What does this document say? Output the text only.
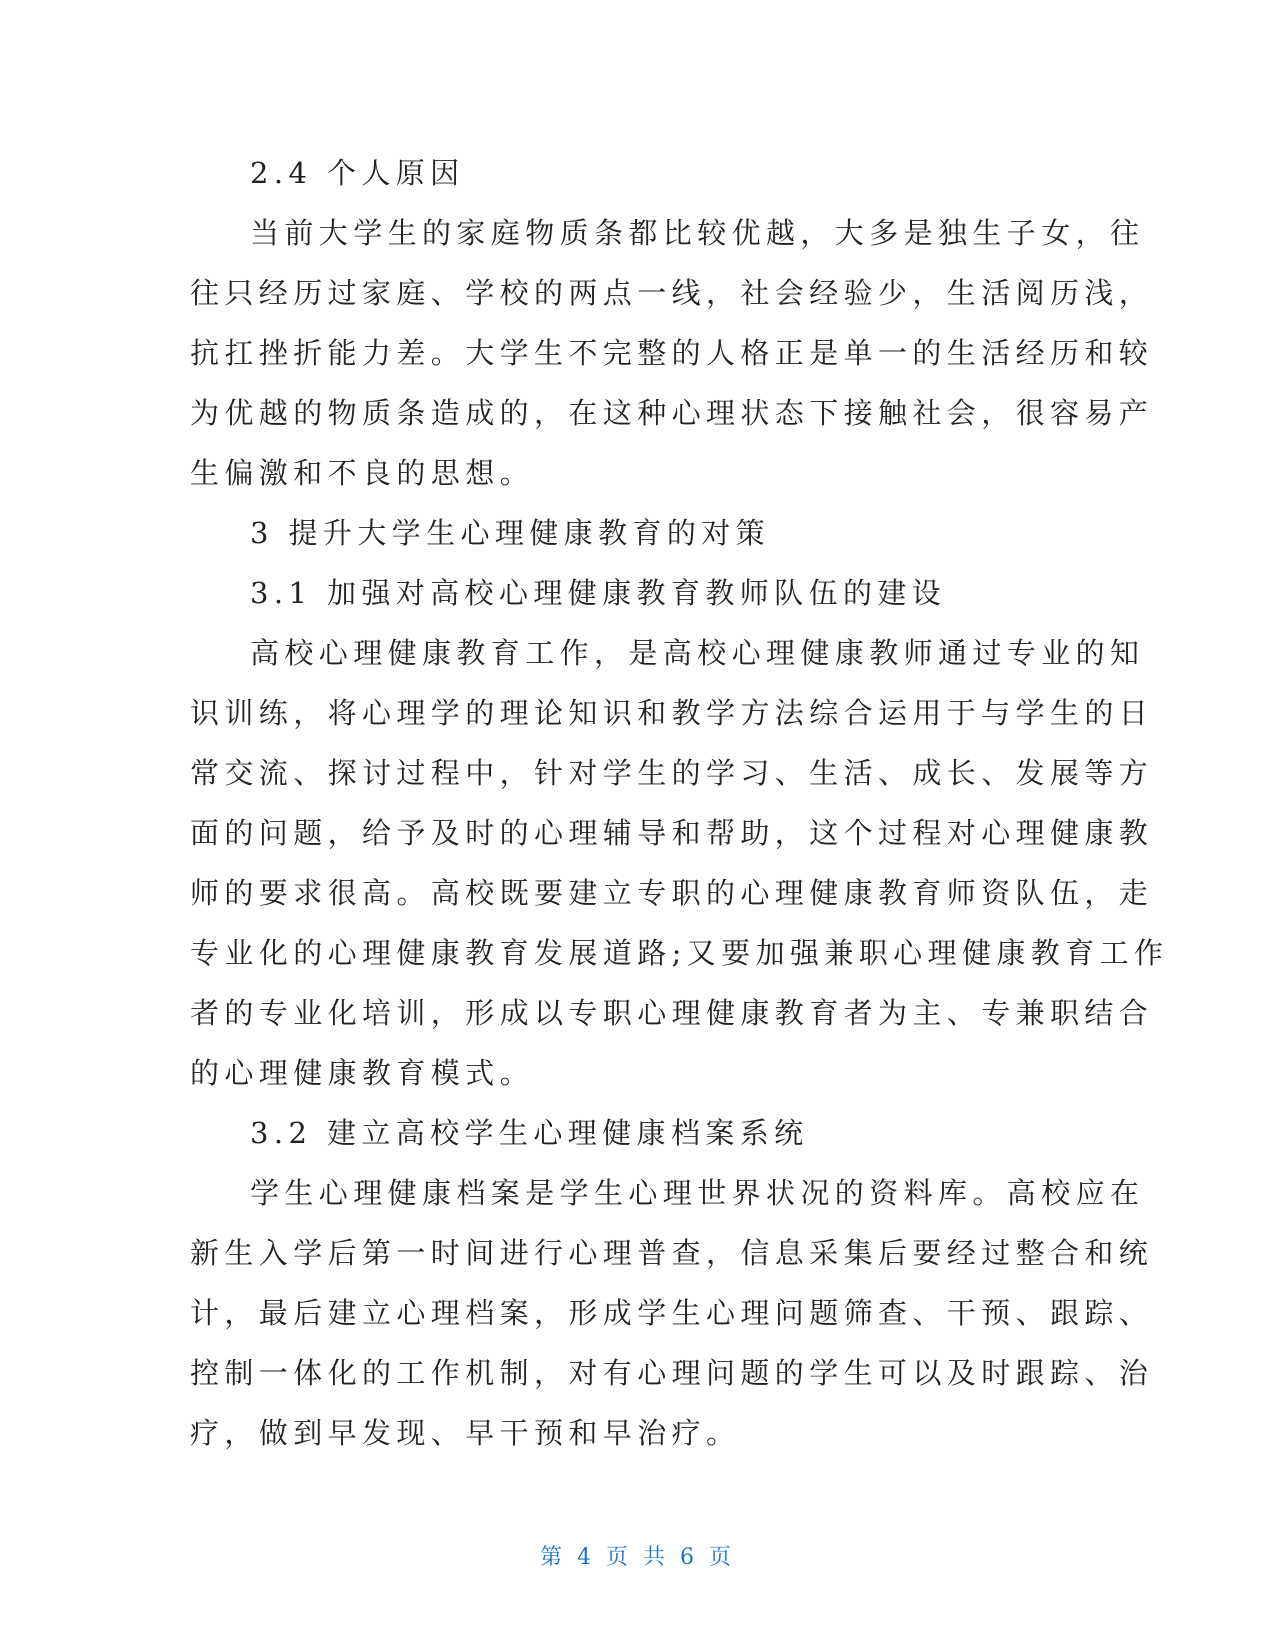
2.4 个人原因
当前大学生的家庭物质条都比较优越，大多是独生子女，往
往只经历过家庭、学校的两点一线，社会经验少，生活阅历浅，
抗扛挫折能力差。大学生不完整的人格正是单一的生活经历和较
为优越的物质条造成的，在这种心理状态下接触社会，很容易产
生偏激和不良的思想。
3 提升大学生心理健康教育的对策
3.1 加强对高校心理健康教育教师队伍的建设
高校心理健康教育工作，是高校心理健康教师通过专业的知
识训练，将心理学的理论知识和教学方法综合运用于与学生的日
常交流、探讨过程中，针对学生的学习、生活、成长、发展等方
面的问题，给予及时的心理辅导和帮助，这个过程对心理健康教
师的要求很高。高校既要建立专职的心理健康教育师资队伍，走
专业化的心理健康教育发展道路;又要加强兼职心理健康教育工作
者的专业化培训，形成以专职心理健康教育者为主、专兼职结合
的心理健康教育模式。
3.2 建立高校学生心理健康档案系统
学生心理健康档案是学生心理世界状况的资料库。高校应在
新生入学后第一时间进行心理普查，信息采集后要经过整合和统
计，最后建立心理档案，形成学生心理问题筛查、干预、跟踪、
控制一体化的工作机制，对有心理问题的学生可以及时跟踪、治
疗，做到早发现、早干预和早治疗。
第 4 页 共 6 页
